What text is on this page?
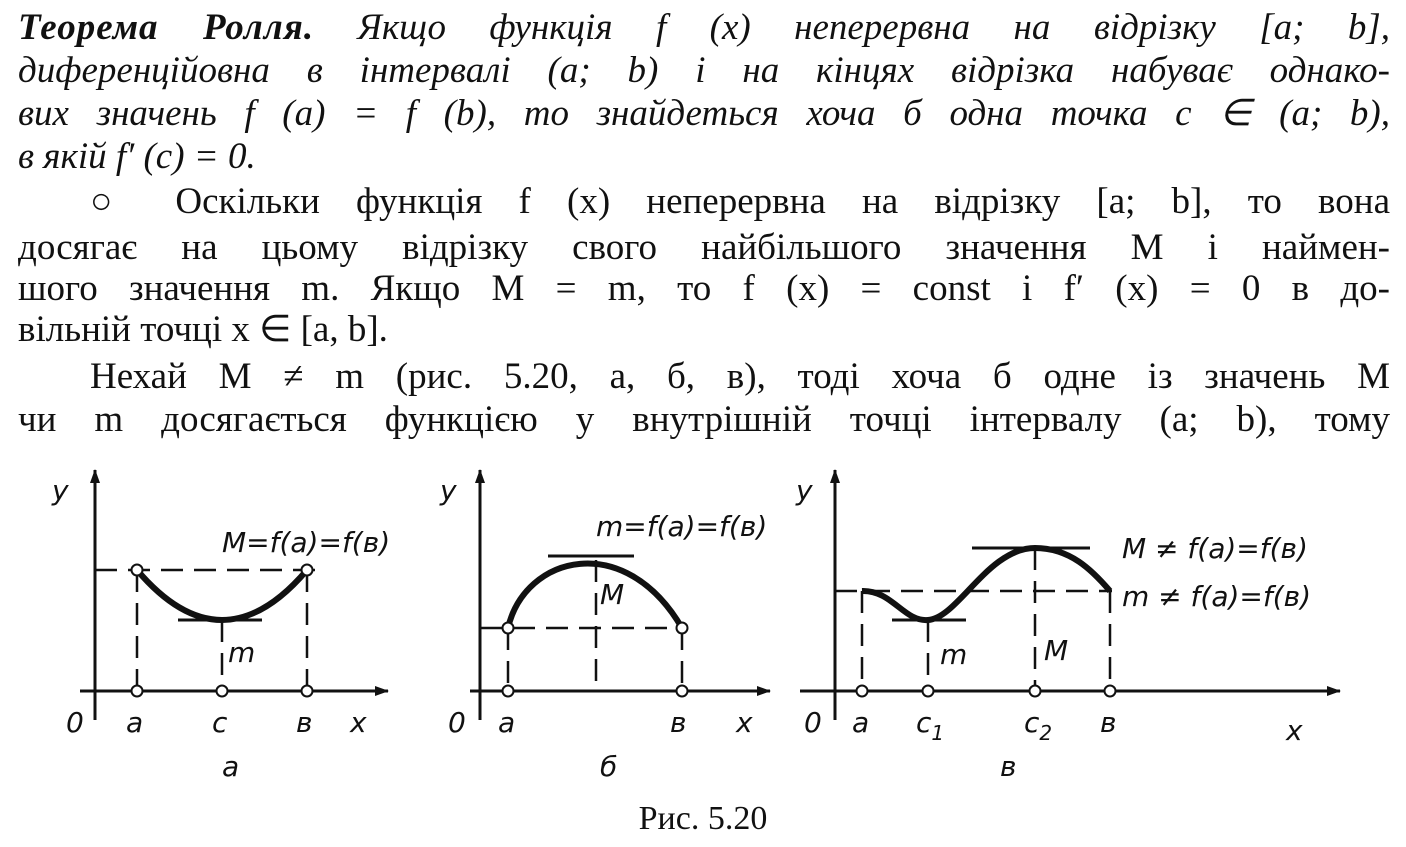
Теорема Ролля. Якщо функція f (x) неперервна на відрізку [a; b],
диференційовна в інтервалі (a; b) і на кінцях відрізка набуває однако-
вих значень f (a) = f (b), то знайдеться хоча б одна точка c ∈ (a; b),
в якій f′ (c) = 0.
○ Оскільки функція f (x) неперервна на відрізку [a; b], то вона
досягає на цьому відрізку свого найбільшого значення M і наймен-
шого значення m. Якщо M = m, то f (x) = const і f′ (x) = 0 в до-
вільній точці x ∈ [a, b].
Нехай M ≠ m (рис. 5.20, a, б, в), тоді хоча б одне із значень M
чи m досягається функцією у внутрішній точці інтервалу (a; b), тому
y
0 a c в x
M=f(a)=f(в)
m
а
y
0 a	в x
m=f(a)=f(в)
M
б
y
0 a $c_1$	$c_2$ в	x
M ≠ f(a)=f(в)
m ≠ f(a)=f(в)
m	M
в
Рис. 5.20
